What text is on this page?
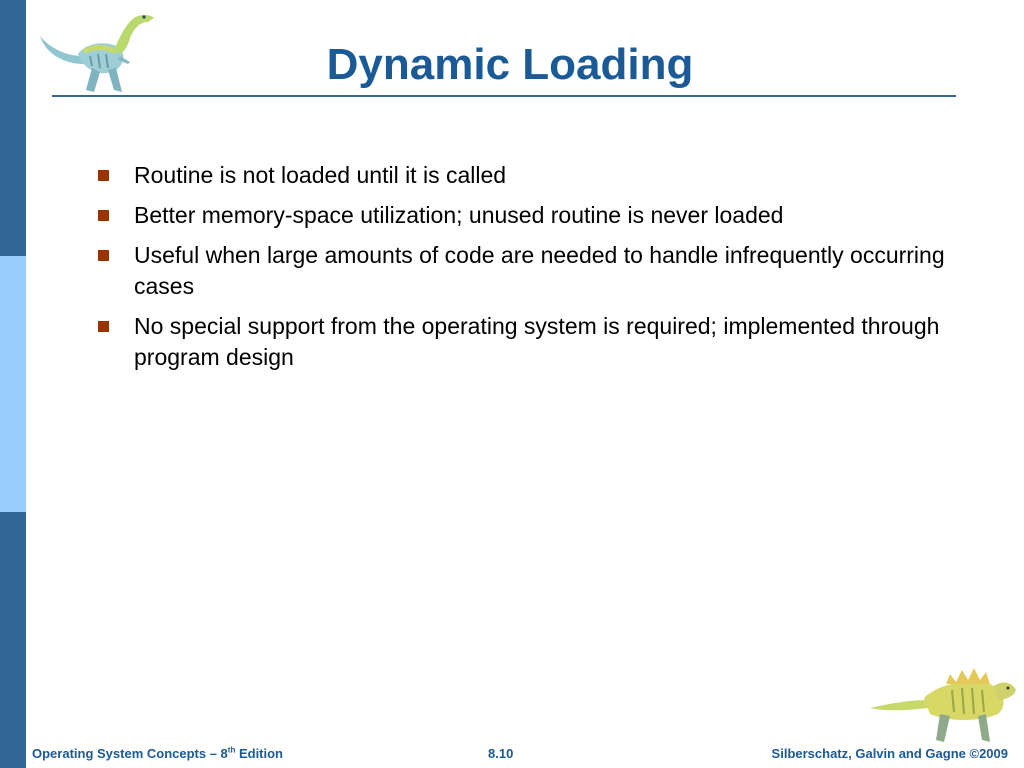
Dynamic Loading
Routine is not loaded until it is called
Better memory-space utilization; unused routine is never loaded
Useful when large amounts of code are needed to handle infrequently occurring cases
No special support from the operating system is required; implemented through program design
Operating System Concepts – 8th Edition	8.10	Silberschatz, Galvin and Gagne ©2009
